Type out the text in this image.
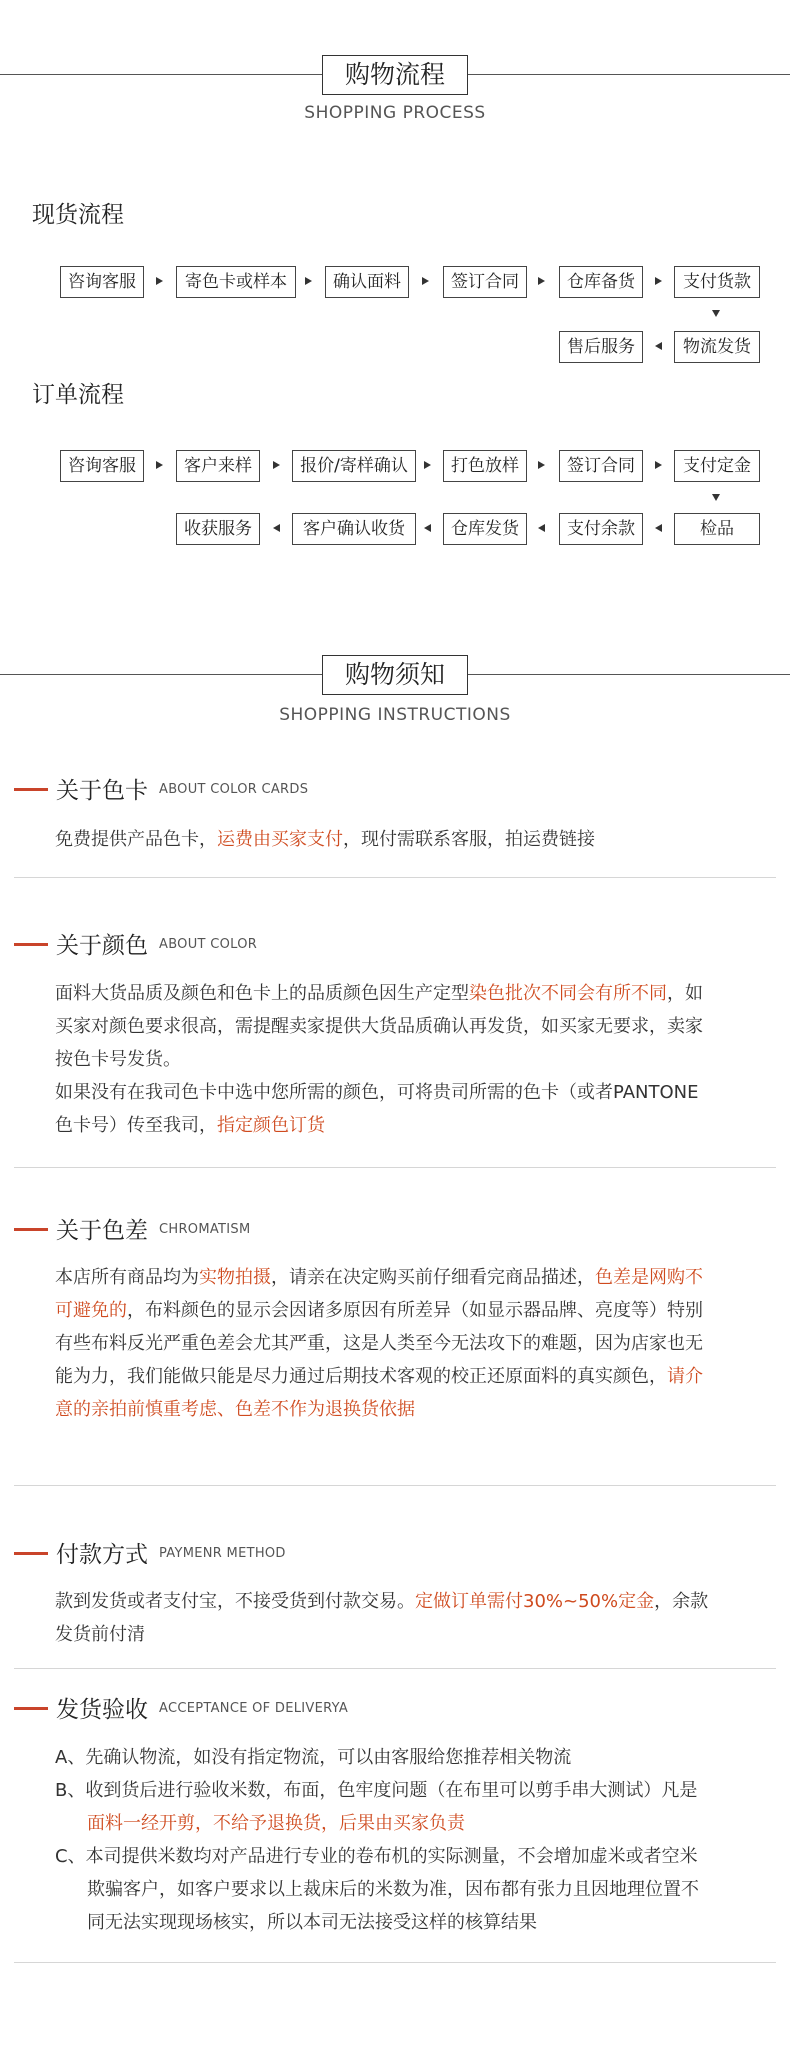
购物流程
SHOPPING PROCESS
现货流程
咨询客服	寄色卡或样本	确认面料	签订合同	仓库备货	支付货款
售后服务	物流发货
订单流程
咨询客服	客户来样	报价/寄样确认	打色放样	签订合同	支付定金
收获服务	客户确认收货	仓库发货	支付余款	检品
购物须知
SHOPPING INSTRUCTIONS
关于色卡 ABOUT COLOR CARDS
免费提供产品色卡，运费由买家支付，现付需联系客服，拍运费链接
关于颜色 ABOUT COLOR
面料大货品质及颜色和色卡上的品质颜色因生产定型染色批次不同会有所不同，如买家对颜色要求很高，需提醒卖家提供大货品质确认再发货，如买家无要求，卖家按色卡号发货。
如果没有在我司色卡中选中您所需的颜色，可将贵司所需的色卡（或者PANTONE色卡号）传至我司，指定颜色订货
关于色差 CHROMATISM
本店所有商品均为实物拍摄，请亲在决定购买前仔细看完商品描述，色差是网购不可避免的，布料颜色的显示会因诸多原因有所差异（如显示器品牌、亮度等）特别有些布料反光严重色差会尤其严重，这是人类至今无法攻下的难题，因为店家也无能为力，我们能做只能是尽力通过后期技术客观的校正还原面料的真实颜色，请介意的亲拍前慎重考虑、色差不作为退换货依据
付款方式 PAYMENR METHOD
款到发货或者支付宝，不接受货到付款交易。定做订单需付30%~50%定金，余款发货前付清
发货验收 ACCEPTANCE OF DELIVERYA
A、先确认物流，如没有指定物流，可以由客服给您推荐相关物流
B、收到货后进行验收米数，布面，色牢度问题（在布里可以剪手串大测试）凡是面料一经开剪，不给予退换货，后果由买家负责
C、本司提供米数均对产品进行专业的卷布机的实际测量，不会增加虚米或者空米欺骗客户，如客户要求以上裁床后的米数为准，因布都有张力且因地理位置不同无法实现现场核实，所以本司无法接受这样的核算结果
